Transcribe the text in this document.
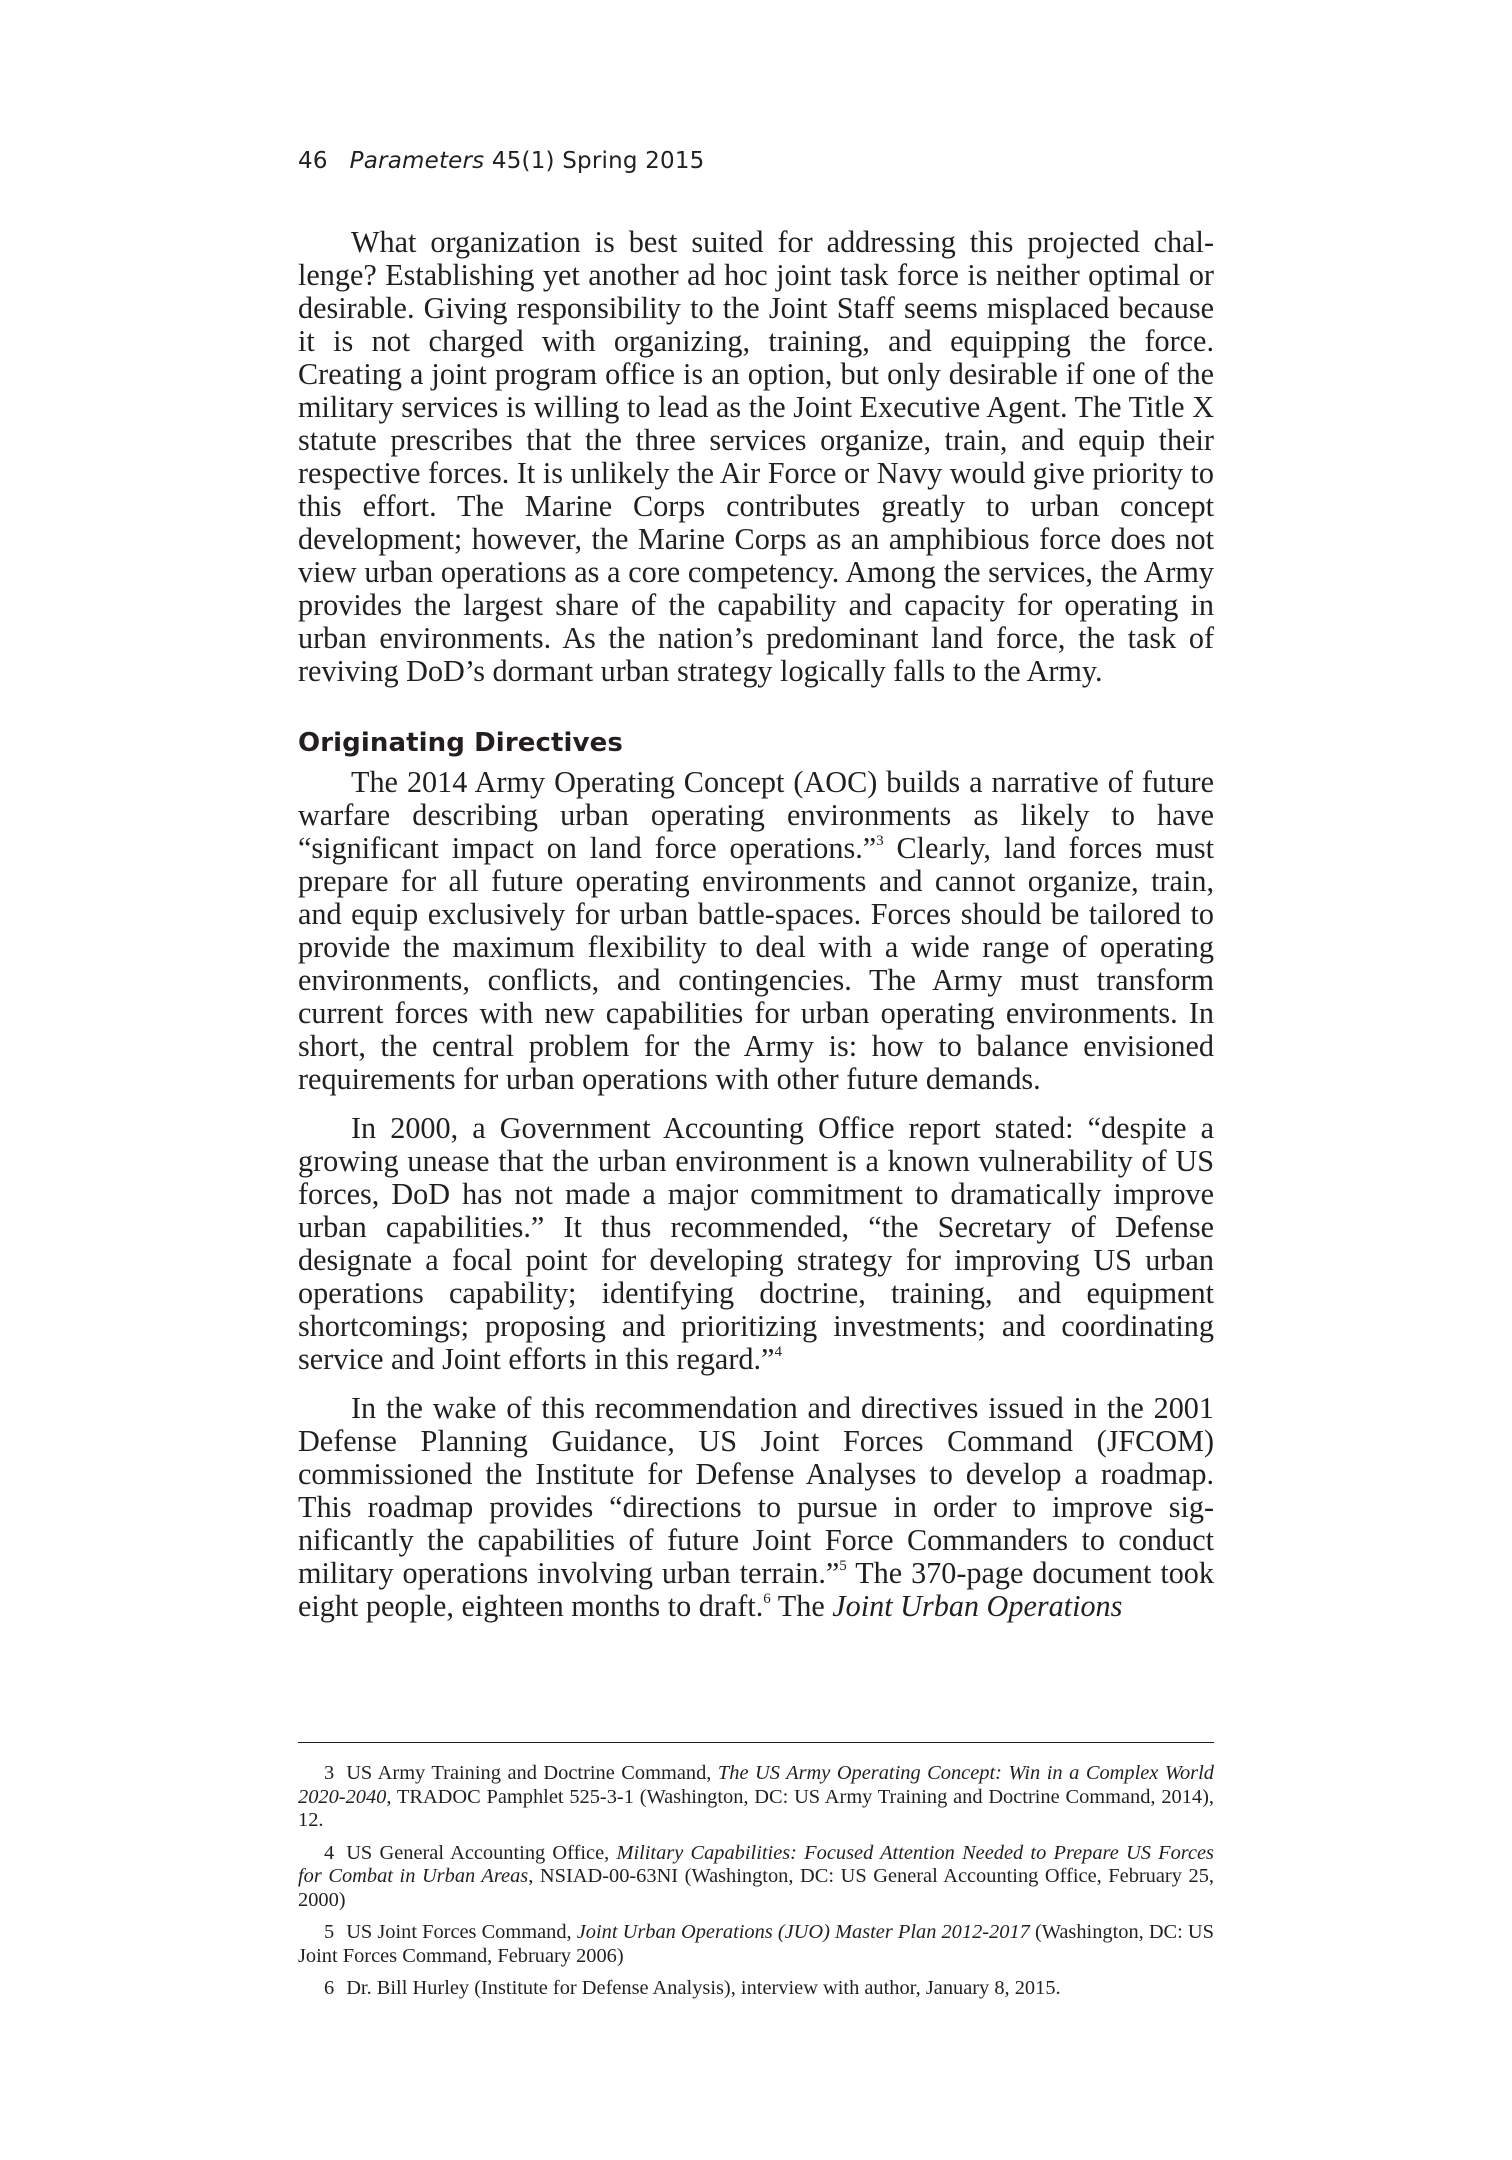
46 Parameters 45(1) Spring 2015

What organization is best suited for addressing this projected challenge? Establishing yet another ad hoc joint task force is neither optimal or desirable. Giving responsibility to the Joint Staff seems misplaced because it is not charged with organizing, training, and equipping the force. Creating a joint program office is an option, but only desirable if one of the military services is willing to lead as the Joint Executive Agent. The Title X statute prescribes that the three services organize, train, and equip their respective forces. It is unlikely the Air Force or Navy would give priority to this effort. The Marine Corps contributes greatly to urban concept development; however, the Marine Corps as an amphibious force does not view urban operations as a core competency. Among the services, the Army provides the largest share of the capability and capacity for operating in urban environments. As the nation’s predominant land force, the task of reviving DoD’s dormant urban strategy logically falls to the Army.

Originating Directives

The 2014 Army Operating Concept (AOC) builds a narrative of future warfare describing urban operating environments as likely to have “significant impact on land force operations.”$^3$ Clearly, land forces must prepare for all future operating environments and cannot organize, train, and equip exclusively for urban battle-spaces. Forces should be tailored to provide the maximum flexibility to deal with a wide range of operating environments, conflicts, and contingencies. The Army must transform current forces with new capabilities for urban operating environments. In short, the central problem for the Army is: how to balance envisioned requirements for urban operations with other future demands.

In 2000, a Government Accounting Office report stated: “despite a growing unease that the urban environment is a known vulnerability of US forces, DoD has not made a major commitment to dramatically improve urban capabilities.” It thus recommended, “the Secretary of Defense designate a focal point for developing strategy for improving US urban operations capability; identifying doctrine, training, and equipment shortcomings; proposing and prioritizing investments; and coordinating service and Joint efforts in this regard.”$^4$

In the wake of this recommendation and directives issued in the 2001 Defense Planning Guidance, US Joint Forces Command (JFCOM) commissioned the Institute for Defense Analyses to develop a roadmap. This roadmap provides “directions to pursue in order to improve significantly the capabilities of future Joint Force Commanders to conduct military operations involving urban terrain.”$^5$ The 370-page document took eight people, eighteen months to draft.$^6$ The Joint Urban Operations

3 US Army Training and Doctrine Command, The US Army Operating Concept: Win in a Complex World 2020-2040, TRADOC Pamphlet 525-3-1 (Washington, DC: US Army Training and Doctrine Command, 2014), 12.

4 US General Accounting Office, Military Capabilities: Focused Attention Needed to Prepare US Forces for Combat in Urban Areas, NSIAD-00-63NI (Washington, DC: US General Accounting Office, February 25, 2000)

5 US Joint Forces Command, Joint Urban Operations (JUO) Master Plan 2012-2017 (Washington, DC: US Joint Forces Command, February 2006)

6 Dr. Bill Hurley (Institute for Defense Analysis), interview with author, January 8, 2015.
